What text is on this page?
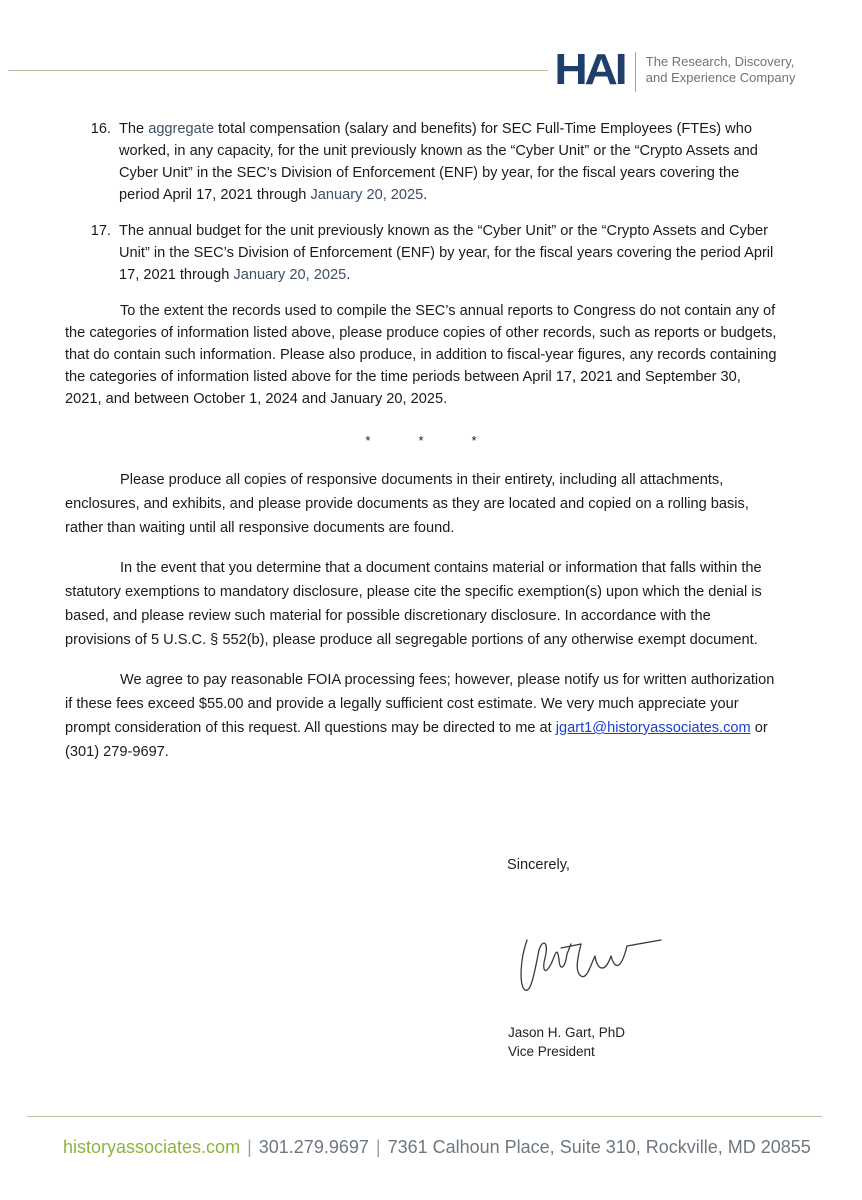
HAI The Research, Discovery,
and Experience Company
16. The aggregate total compensation (salary and benefits) for SEC Full-Time Employees (FTEs) who worked, in any capacity, for the unit previously known as the “Cyber Unit” or the “Crypto Assets and Cyber Unit” in the SEC’s Division of Enforcement (ENF) by year, for the fiscal years covering the period April 17, 2021 through January 20, 2025.
17. The annual budget for the unit previously known as the “Cyber Unit” or the “Crypto Assets and Cyber Unit” in the SEC’s Division of Enforcement (ENF) by year, for the fiscal years covering the period April 17, 2021 through January 20, 2025.

To the extent the records used to compile the SEC’s annual reports to Congress do not contain any of the categories of information listed above, please produce copies of other records, such as reports or budgets, that do contain such information. Please also produce, in addition to fiscal-year figures, any records containing the categories of information listed above for the time periods between April 17, 2021 and September 30, 2021, and between October 1, 2024 and January 20, 2025.

*	*	*

Please produce all copies of responsive documents in their entirety, including all attachments, enclosures, and exhibits, and please provide documents as they are located and copied on a rolling basis, rather than waiting until all responsive documents are found.

In the event that you determine that a document contains material or information that falls within the statutory exemptions to mandatory disclosure, please cite the specific exemption(s) upon which the denial is based, and please review such material for possible discretionary disclosure. In accordance with the provisions of 5 U.S.C. § 552(b), please produce all segregable portions of any otherwise exempt document.

We agree to pay reasonable FOIA processing fees; however, please notify us for written authorization if these fees exceed $55.00 and provide a legally sufficient cost estimate. We very much appreciate your prompt consideration of this request. All questions may be directed to me at jgart1@historyassociates.com or (301) 279-9697.

Sincerely,
Jason H. Gart, PhD
Vice President
historyassociates.com | 301.279.9697 | 7361 Calhoun Place, Suite 310, Rockville, MD 20855
